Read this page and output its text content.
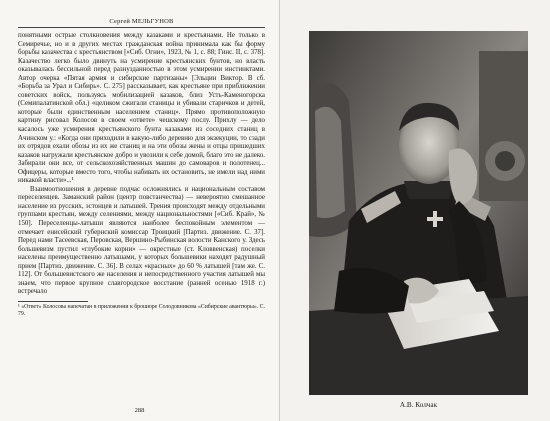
Сергей МЕЛЬГУНОВ

понятными острые столкновения между казаками и крестьянами. Не только в Семиречье, но и в других местах гражданская война принимала как бы форму борьбы казачества с крестьянством [«Сиб. Огни», 1923, № 1, с. 88; Гинс. II, с. 378]. Казачество легко было двинуть на усмирение крестьянских бунтов, но власть оказывалась бессильной перед разнузданностью в этом усмирении инстинктами. Автор очерка «Пятая армия и сибирские партизаны» [Эльцин Виктор. В сб. «Борьба за Урал и Сибирь». С. 275] рассказывает, как крестьяне при приближении советских войск, пользуясь мобилизацией казаков, близ Усть-Каменогорска (Семипалатинской обл.) «целиком сжигали станицы и убивали старичков и детей, которые были единственным населением станиц». Прямо противоположную картину рисовал Колосов в своем «ответе» чешскому послу. Прихлу — дело касалось уже усмирения крестьянского бунта казаками из соседних станиц в Ачинском у.: «Когда они приходили в какую-либо деревню для экзекуции, то сзади их отрядов ехали обозы из их же станиц и на эти обозы жены и отцы пришедших казаков нагружали крестьянское добро и увозили к себе домой, благо это не далеко. Забирали они все, от сельскохозяйственных машин до самоваров и полотенец... Офицеры, которые вместо того, чтобы набивать их остановить, не имели над ними никакой власти»...¹

Взаимоотношения в деревне подчас осложнялись и национальным составом переселенцев. Заманский район (центр повстанчества) — невероятно смешанное население из русских, эстонцев и латышей. Трения происходят между отдельными группами крестьян, между селениями, между национальностями [«Сиб. Край», № 150]. Переселенцы-латыши являются наиболее беспокойным элементом — отмечает енисейский губернский комиссар Троицкий [Партиз. движение. С. 37]. Перед нами Тасеевская, Перовская, Вершино-Рыбинская волости Канского у. Здесь большевизм пустил «глубокие корни» — окрестные (ст. Кловвенская) поселки населены преимущественно латышами, у которых большевики находят радушный прием [Партиз. движение. С. 36]. В селах «красных» до 60 % латышей [там же. С. 112]. От большевистского же населения и непосредственного участия латышей мы знаем, что первое крупное славгородское восстание (ранней осенью 1918 г.) встречало

¹ «Ответ» Колосова напечатан в приложении к брошюре Солодовникова «Сибирские авантюры». С. 79.
288
А.В. Колчак
